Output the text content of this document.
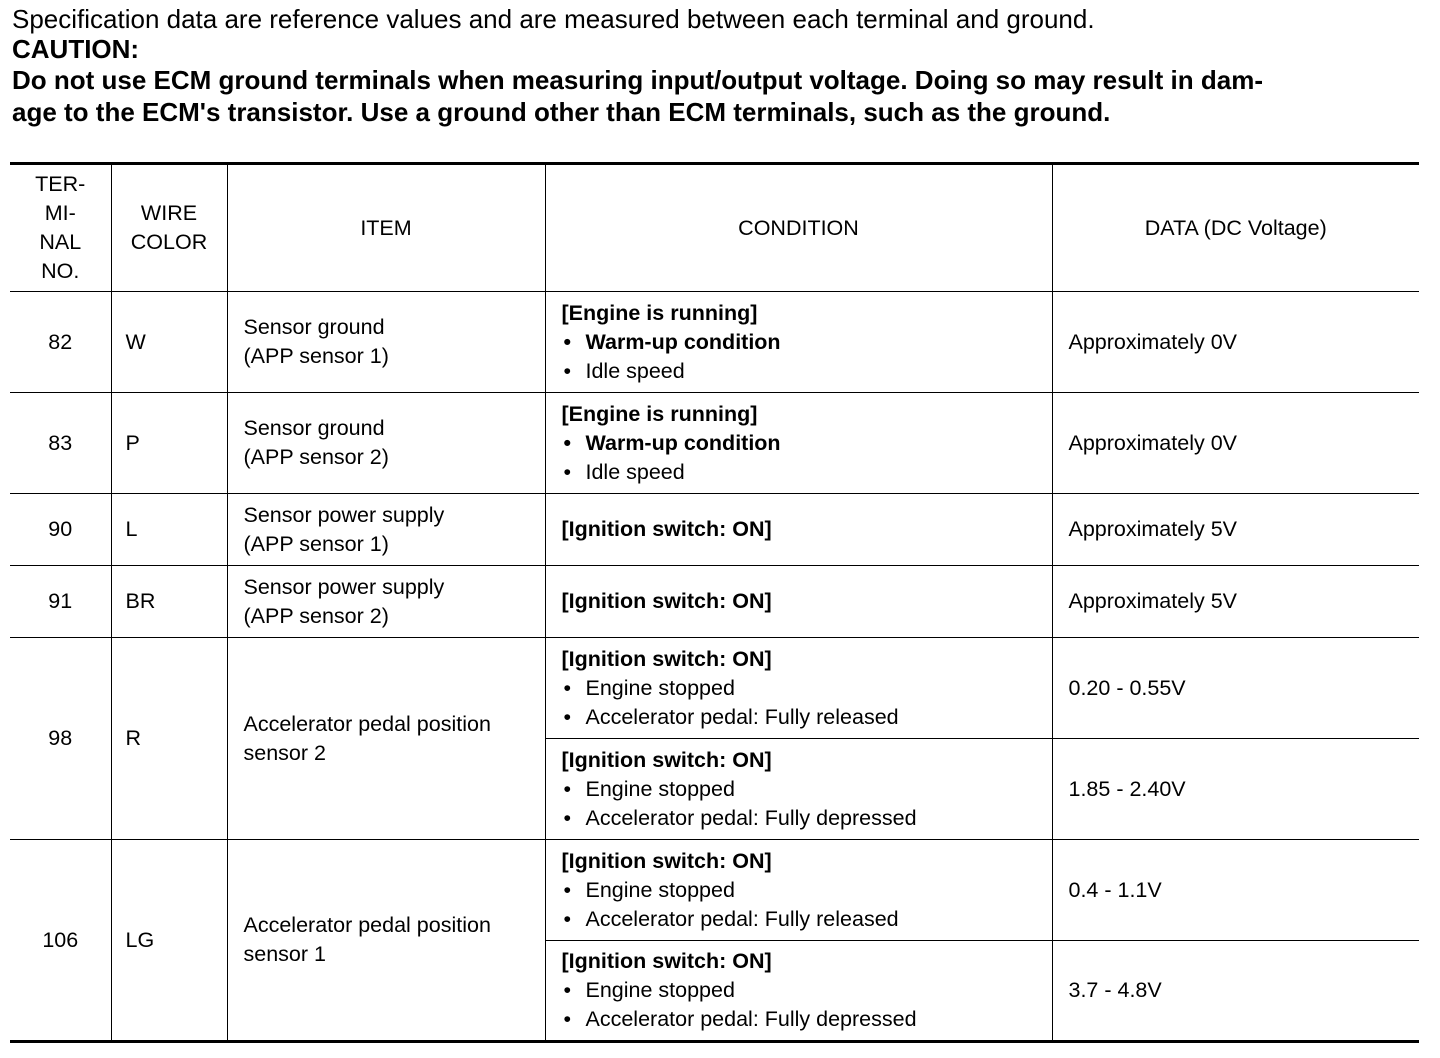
Specification data are reference values and are measured between each terminal and ground.
CAUTION:
Do not use ECM ground terminals when measuring input/output voltage. Doing so may result in dam-
age to the ECM's transistor. Use a ground other than ECM terminals, such as the ground.
TER-
MI-
NAL
NO.	WIRE
COLOR	ITEM	CONDITION	DATA (DC Voltage)
82	W	Sensor ground
(APP sensor 1)	[Engine is running]
• Warm-up condition
• Idle speed	Approximately 0V
83	P	Sensor ground
(APP sensor 2)	[Engine is running]
• Warm-up condition
• Idle speed	Approximately 0V
90	L	Sensor power supply
(APP sensor 1)	[Ignition switch: ON]	Approximately 5V
91	BR	Sensor power supply
(APP sensor 2)	[Ignition switch: ON]	Approximately 5V
98	R	Accelerator pedal position
sensor 2	[Ignition switch: ON]
• Engine stopped
• Accelerator pedal: Fully released	0.20 - 0.55V

			[Ignition switch: ON]
• Engine stopped
• Accelerator pedal: Fully depressed	1.85 - 2.40V
106	LG	Accelerator pedal position
sensor 1	[Ignition switch: ON]
• Engine stopped
• Accelerator pedal: Fully released	0.4 - 1.1V

			[Ignition switch: ON]
• Engine stopped
• Accelerator pedal: Fully depressed	3.7 - 4.8V
